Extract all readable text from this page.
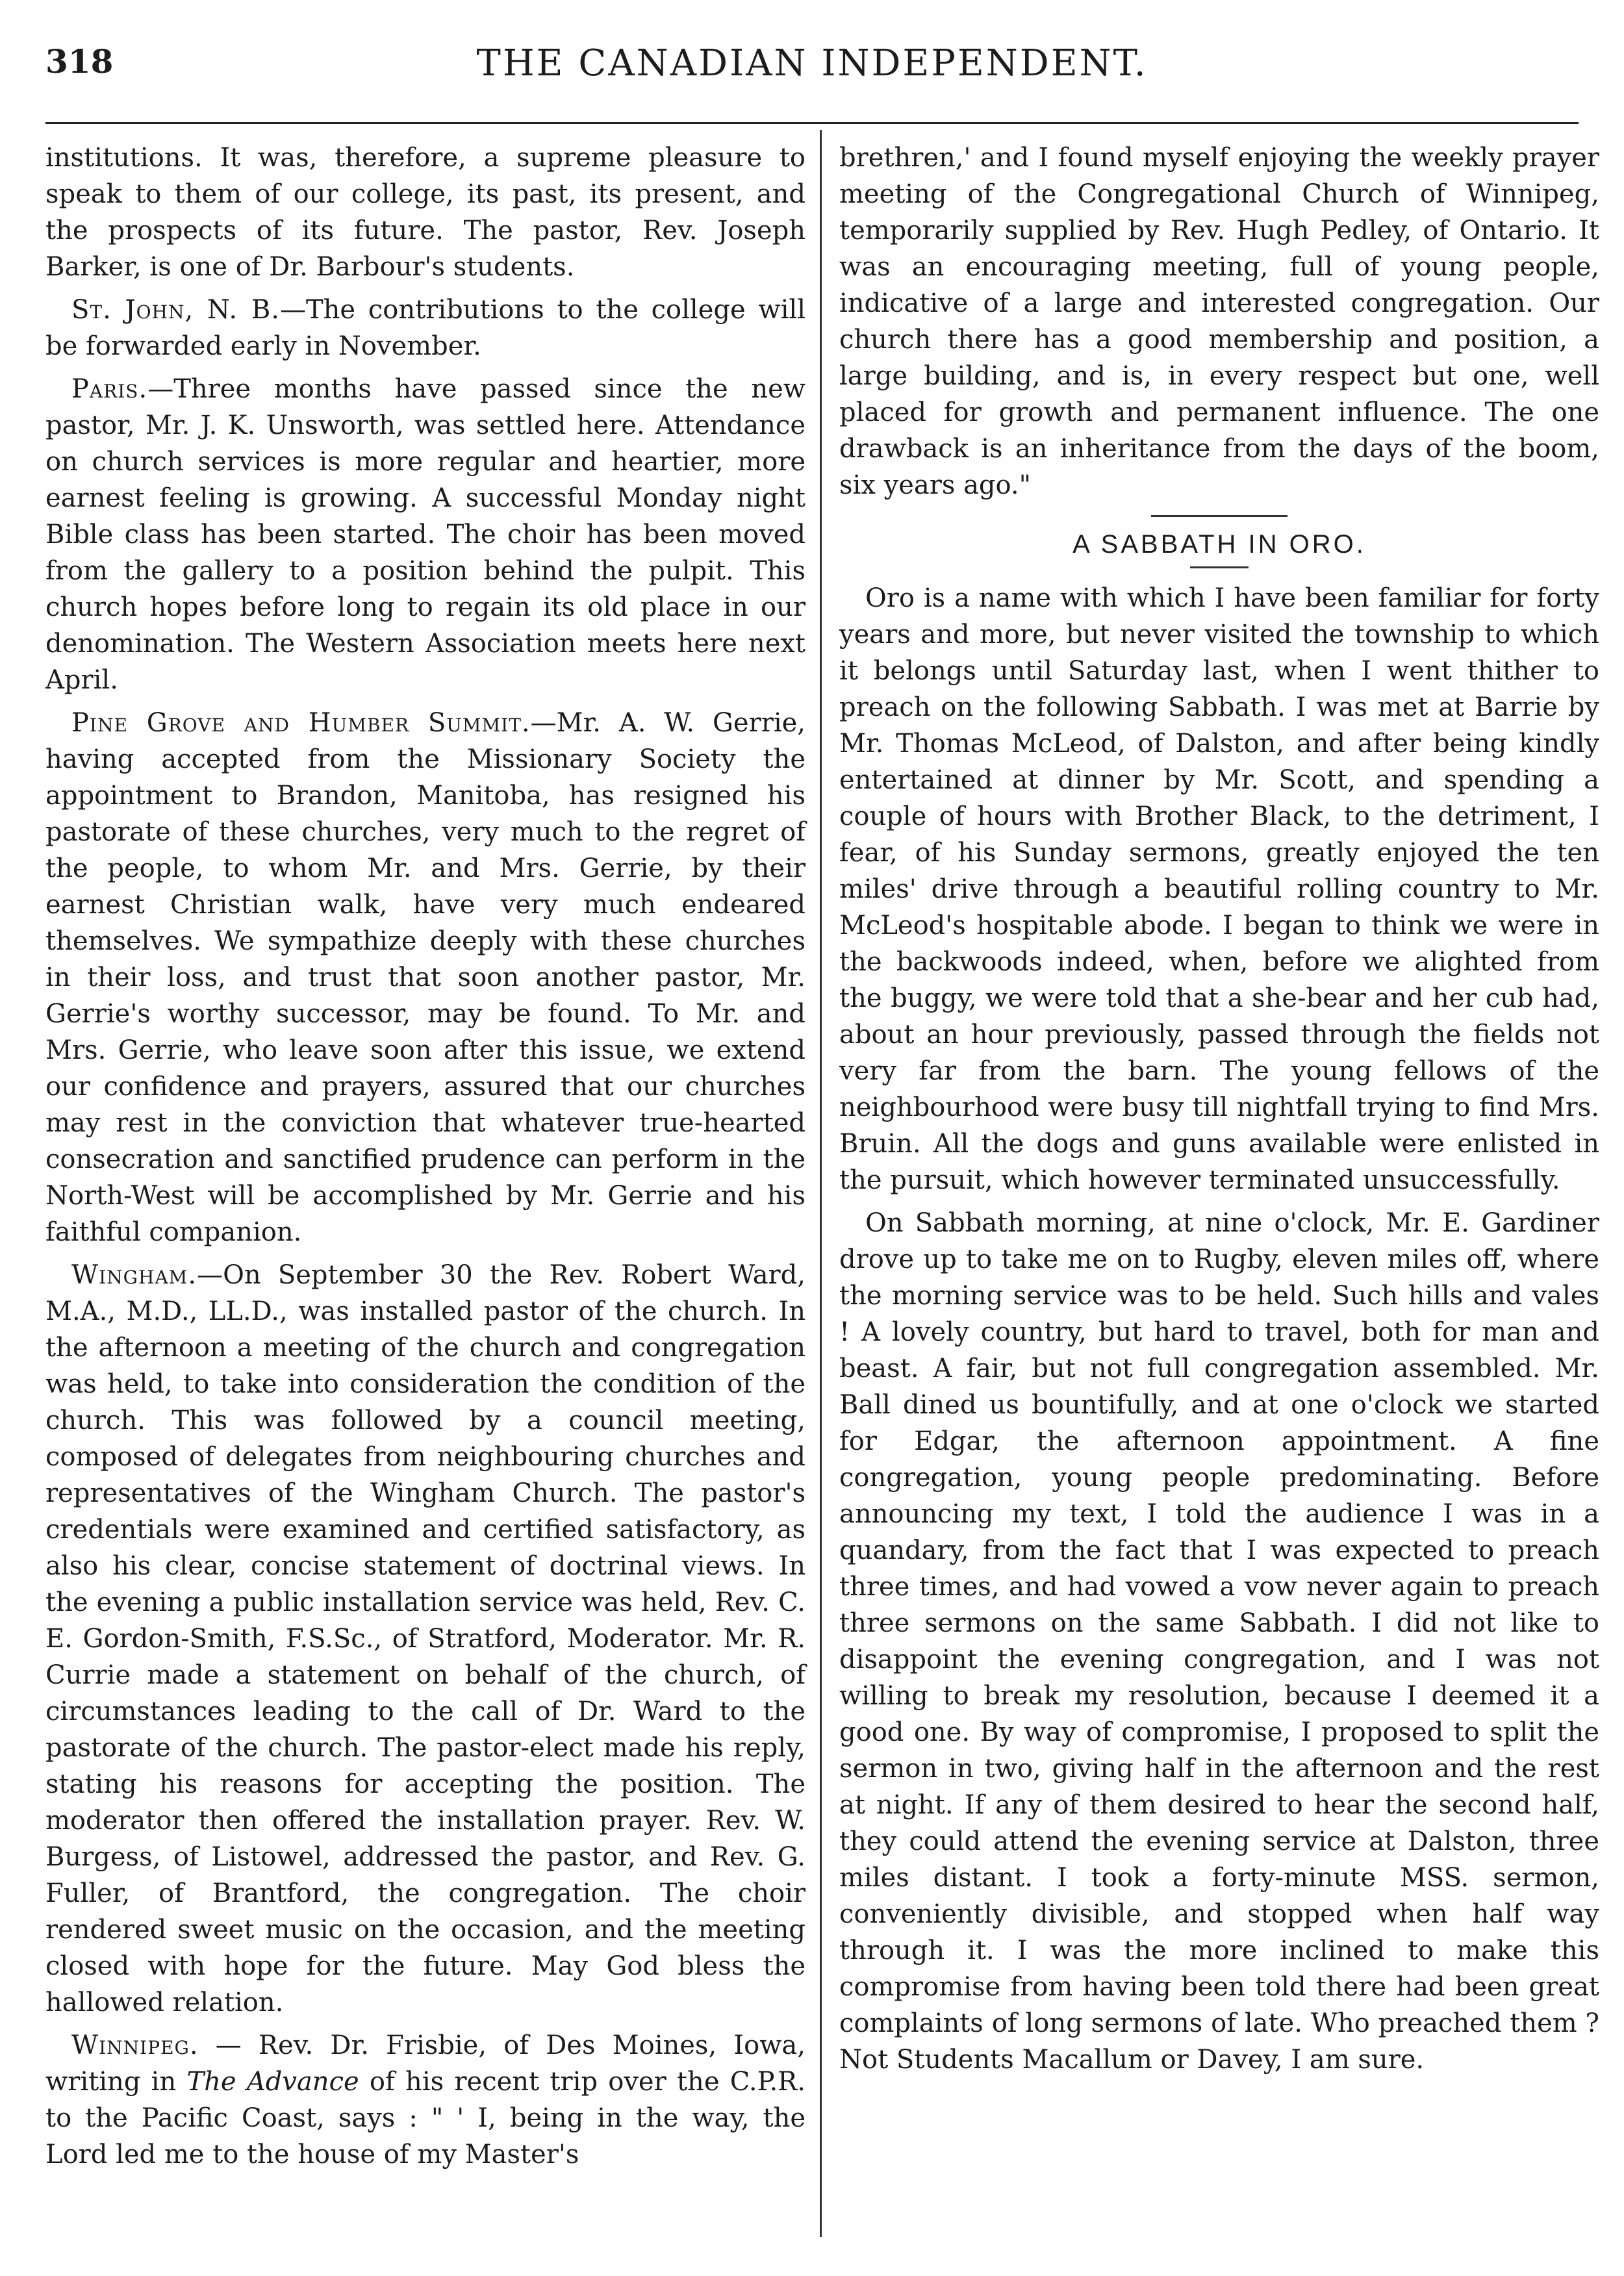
318	THE CANADIAN INDEPENDENT.

institutions. It was, therefore, a supreme pleasure to speak to them of our college, its past, its present, and the prospects of its future. The pastor, Rev. Joseph Barker, is one of Dr. Barbour's students.

St. John, N. B.—The contributions to the college will be forwarded early in November.

Paris.—Three months have passed since the new pastor, Mr. J. K. Unsworth, was settled here. Attendance on church services is more regular and heartier, more earnest feeling is growing. A successful Monday night Bible class has been started. The choir has been moved from the gallery to a position behind the pulpit. This church hopes before long to regain its old place in our denomination. The Western Association meets here next April.

Pine Grove and Humber Summit.—Mr. A. W. Gerrie, having accepted from the Missionary Society the appointment to Brandon, Manitoba, has resigned his pastorate of these churches, very much to the regret of the people, to whom Mr. and Mrs. Gerrie, by their earnest Christian walk, have very much endeared themselves. We sympathize deeply with these churches in their loss, and trust that soon another pastor, Mr. Gerrie's worthy successor, may be found. To Mr. and Mrs. Gerrie, who leave soon after this issue, we extend our confidence and prayers, assured that our churches may rest in the conviction that whatever true-hearted consecration and sanctified prudence can perform in the North-West will be accomplished by Mr. Gerrie and his faithful companion.

Wingham.—On September 30 the Rev. Robert Ward, M.A., M.D., LL.D., was installed pastor of the church. In the afternoon a meeting of the church and congregation was held, to take into consideration the condition of the church. This was followed by a council meeting, composed of delegates from neighbouring churches and representatives of the Wingham Church. The pastor's credentials were examined and certified satisfactory, as also his clear, concise statement of doctrinal views. In the evening a public installation service was held, Rev. C. E. Gordon-Smith, F.S.Sc., of Stratford, Moderator. Mr. R. Currie made a statement on behalf of the church, of circumstances leading to the call of Dr. Ward to the pastorate of the church. The pastor-elect made his reply, stating his reasons for accepting the position. The moderator then offered the installation prayer. Rev. W. Burgess, of Listowel, addressed the pastor, and Rev. G. Fuller, of Brantford, the congregation. The choir rendered sweet music on the occasion, and the meeting closed with hope for the future. May God bless the hallowed relation.

Winnipeg. — Rev. Dr. Frisbie, of Des Moines, Iowa, writing in The Advance of his recent trip over the C.P.R. to the Pacific Coast, says : " ' I, being in the way, the Lord led me to the house of my Master's

brethren,' and I found myself enjoying the weekly prayer meeting of the Congregational Church of Winnipeg, temporarily supplied by Rev. Hugh Pedley, of Ontario. It was an encouraging meeting, full of young people, indicative of a large and interested congregation. Our church there has a good membership and position, a large building, and is, in every respect but one, well placed for growth and permanent influence. The one drawback is an inheritance from the days of the boom, six years ago."

A SABBATH IN ORO.

Oro is a name with which I have been familiar for forty years and more, but never visited the township to which it belongs until Saturday last, when I went thither to preach on the following Sabbath. I was met at Barrie by Mr. Thomas McLeod, of Dalston, and after being kindly entertained at dinner by Mr. Scott, and spending a couple of hours with Brother Black, to the detriment, I fear, of his Sunday sermons, greatly enjoyed the ten miles' drive through a beautiful rolling country to Mr. McLeod's hospitable abode. I began to think we were in the backwoods indeed, when, before we alighted from the buggy, we were told that a she-bear and her cub had, about an hour previously, passed through the fields not very far from the barn. The young fellows of the neighbourhood were busy till nightfall trying to find Mrs. Bruin. All the dogs and guns available were enlisted in the pursuit, which however terminated unsuccessfully.

On Sabbath morning, at nine o'clock, Mr. E. Gardiner drove up to take me on to Rugby, eleven miles off, where the morning service was to be held. Such hills and vales ! A lovely country, but hard to travel, both for man and beast. A fair, but not full congregation assembled. Mr. Ball dined us bountifully, and at one o'clock we started for Edgar, the afternoon appointment. A fine congregation, young people predominating. Before announcing my text, I told the audience I was in a quandary, from the fact that I was expected to preach three times, and had vowed a vow never again to preach three sermons on the same Sabbath. I did not like to disappoint the evening congregation, and I was not willing to break my resolution, because I deemed it a good one. By way of compromise, I proposed to split the sermon in two, giving half in the afternoon and the rest at night. If any of them desired to hear the second half, they could attend the evening service at Dalston, three miles distant. I took a forty-minute MSS. sermon, conveniently divisible, and stopped when half way through it. I was the more inclined to make this compromise from having been told there had been great complaints of long sermons of late. Who preached them ? Not Students Macallum or Davey, I am sure.
